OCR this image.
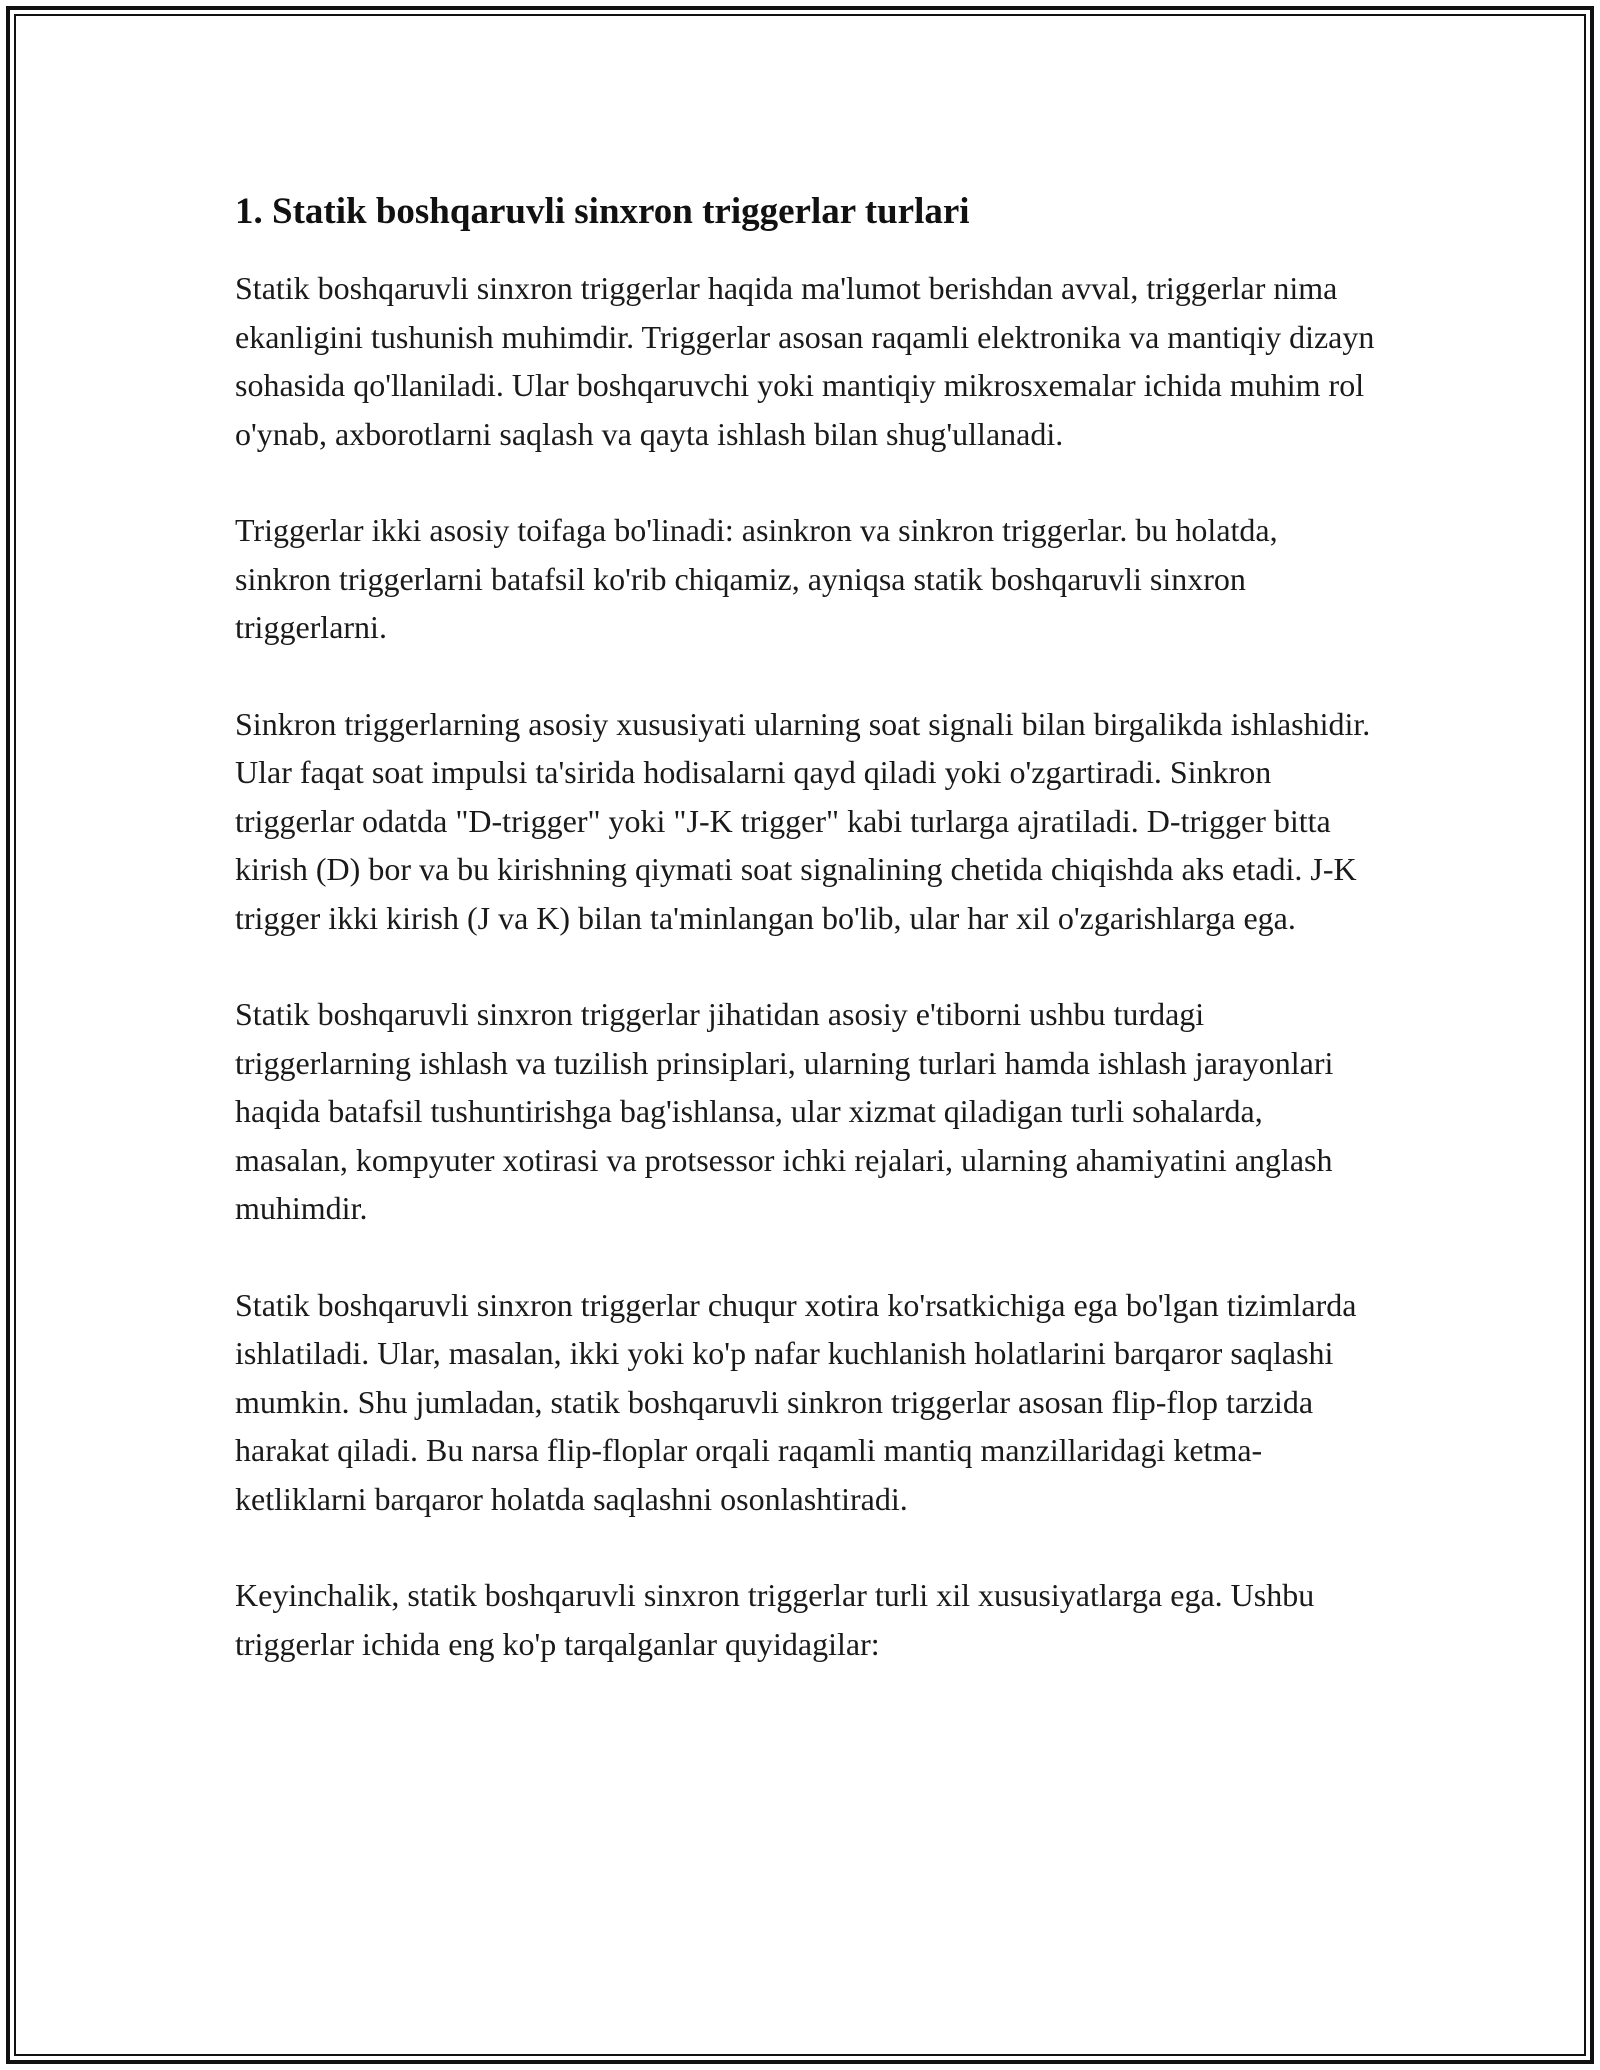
1. Statik boshqaruvli sinxron triggerlar turlari

Statik boshqaruvli sinxron triggerlar haqida ma'lumot berishdan avval, triggerlar nima ekanligini tushunish muhimdir. Triggerlar asosan raqamli elektronika va mantiqiy dizayn sohasida qo'llaniladi. Ular boshqaruvchi yoki mantiqiy mikrosxemalar ichida muhim rol o'ynab, axborotlarni saqlash va qayta ishlash bilan shug'ullanadi.

Triggerlar ikki asosiy toifaga bo'linadi: asinkron va sinkron triggerlar. bu holatda, sinkron triggerlarni batafsil ko'rib chiqamiz, ayniqsa statik boshqaruvli sinxron triggerlarni.

Sinkron triggerlarning asosiy xususiyati ularning soat signali bilan birgalikda ishlashidir. Ular faqat soat impulsi ta'sirida hodisalarni qayd qiladi yoki o'zgartiradi. Sinkron triggerlar odatda "D-trigger" yoki "J-K trigger" kabi turlarga ajratiladi. D-trigger bitta kirish (D) bor va bu kirishning qiymati soat signalining chetida chiqishda aks etadi. J-K trigger ikki kirish (J va K) bilan ta'minlangan bo'lib, ular har xil o'zgarishlarga ega.

Statik boshqaruvli sinxron triggerlar jihatidan asosiy e'tiborni ushbu turdagi triggerlarning ishlash va tuzilish prinsiplari, ularning turlari hamda ishlash jarayonlari haqida batafsil tushuntirishga bag'ishlansa, ular xizmat qiladigan turli sohalarda, masalan, kompyuter xotirasi va protsessor ichki rejalari, ularning ahamiyatini anglash muhimdir.

Statik boshqaruvli sinxron triggerlar chuqur xotira ko'rsatkichiga ega bo'lgan tizimlarda ishlatiladi. Ular, masalan, ikki yoki ko'p nafar kuchlanish holatlarini barqaror saqlashi mumkin. Shu jumladan, statik boshqaruvli sinkron triggerlar asosan flip-flop tarzida harakat qiladi. Bu narsa flip-floplar orqali raqamli mantiq manzillaridagi ketma-ketliklarni barqaror holatda saqlashni osonlashtiradi.

Keyinchalik, statik boshqaruvli sinxron triggerlar turli xil xususiyatlarga ega. Ushbu triggerlar ichida eng ko'p tarqalganlar quyidagilar:
